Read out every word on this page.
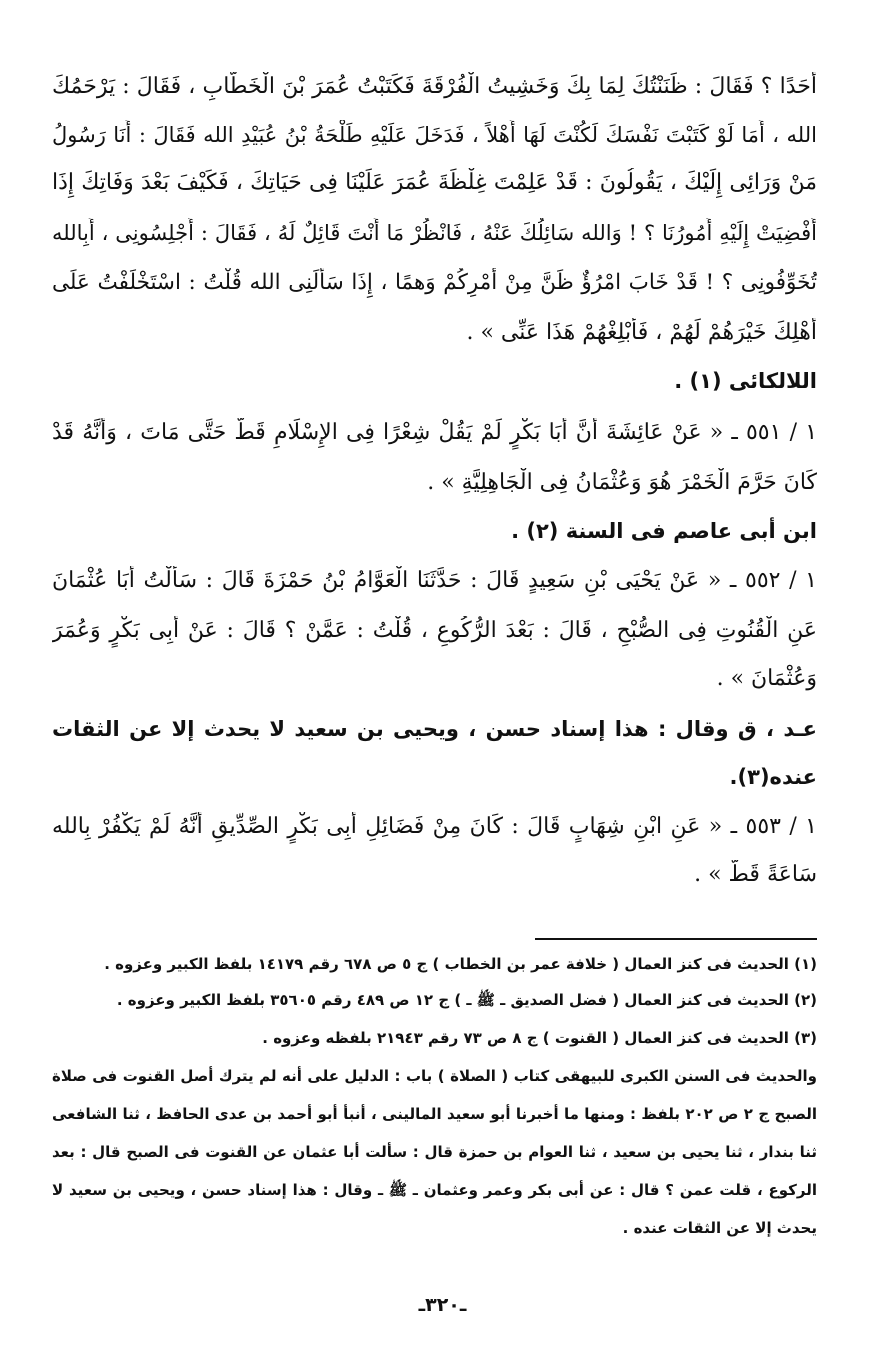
أَحَدًا ؟ فَقَالَ : ظَنَنْتُكَ لِمَا بِكَ وَخَشِيتُ الْفُرْقَةَ فَكَتَبْتُ عُمَرَ بْنَ الْخَطَّابِ ، فَقَالَ : يَرْحَمُكَ
الله ، أَمَا لَوْ كَتَبْتَ نَفْسَكَ لَكُنْتَ لَهَا أَهْلاً ، فَدَخَلَ عَلَيْهِ طَلْحَةُ بْنُ عُبَيْدِ الله فَقَالَ : أَنَا رَسُولُ
مَنْ وَرَائِى إِلَيْكَ ، يَقُولُونَ : قَدْ عَلِمْتَ غِلْظَةَ عُمَرَ عَلَيْنَا فِى حَيَاتِكَ ، فَكَيْفَ بَعْدَ وَفَاتِكَ إِذَا
أُفْضِيَتْ إِلَيْهِ أُمُورُنَا ؟ ! وَالله سَائِلُكَ عَنْهُ ، فَانْظُرْ مَا أَنْتَ قَائِلٌ لَهُ ، فَقَالَ : أَجْلِسُونِى ، أَبِالله
تُخَوِّفُونِى ؟ ! قَدْ خَابَ امْرُؤٌ ظَنَّ مِنْ أَمْرِكُمْ وَهمًا ، إِذَا سَأَلَنِى الله قُلْتُ : اسْتَخْلَفْتُ عَلَى
أَهْلِكَ خَيْرَهُمْ لَهُمْ ، فَأَبْلِغْهُمْ هَذَا عَنِّى » .
اللالكائى (١) .
١ / ٥٥١ ـ « عَنْ عَائِشَةَ أَنَّ أَبَا بَكْرٍ لَمْ يَقُلْ شِعْرًا فِى الإِسْلَامِ قَطُّ حَتَّى مَاتَ ، وَأَنَّهُ قَدْ
كَانَ حَرَّمَ الْخَمْرَ هُوَ وَعُثْمَانُ فِى الْجَاهِلِيَّةِ » .
ابن أبى عاصم فى السنة (٢) .
١ / ٥٥٢ ـ « عَنْ يَحْيَى بْنِ سَعِيدٍ قَالَ : حَدَّثَنَا الْعَوَّامُ بْنُ حَمْزَةَ قَالَ : سَأَلْتُ أَبَا عُثْمَانَ
عَنِ الْقُنُوتِ فِى الصُّبْحِ ، قَالَ : بَعْدَ الرُّكُوعِ ، قُلْتُ : عَمَّنْ ؟ قَالَ : عَنْ أَبِى بَكْرٍ وَعُمَرَ
وَعُثْمَانَ » .
عـد ، ق وقال : هذا إسناد حسن ، ويحيى بن سعيد لا يحدث إلا عن الثقات
عنده(٣).
١ / ٥٥٣ ـ « عَنِ ابْنِ شِهَابٍ قَالَ : كَانَ مِنْ فَضَائِلِ أَبِى بَكْرٍ الصِّدِّيقِ أَنَّهُ لَمْ يَكْفُرْ بِالله
سَاعَةً قَطُّ » .
(١) الحديث فى كنز العمال ( خلافة عمر بن الخطاب ) ج ٥ ص ٦٧٨ رقم ١٤١٧٩ بلفظ الكبير وعزوه .
(٢) الحديث فى كنز العمال ( فضل الصديق ـ ﷺ ـ ) ج ١٢ ص ٤٨٩ رقم ٣٥٦٠٥ بلفظ الكبير وعزوه .
(٣) الحديث فى كنز العمال ( القنوت ) ج ٨ ص ٧٣ رقم ٢١٩٤٣ بلفظه وعزوه .
والحديث فى السنن الكبرى للبيهقى كتاب ( الصلاة ) باب : الدليل على أنه لم يترك أصل القنوت فى صلاة
الصبح ج ٢ ص ٢٠٢ بلفظ : ومنها ما أخبرنا أبو سعيد المالينى ، أنبأ أبو أحمد بن عدى الحافظ ، ثنا الشافعى
ثنا بندار ، ثنا يحيى بن سعيد ، ثنا العوام بن حمزة قال : سألت أبا عثمان عن القنوت فى الصبح قال : بعد
الركوع ، قلت عمن ؟ قال : عن أبى بكر وعمر وعثمان ـ ﷺ ـ وقال : هذا إسناد حسن ، ويحيى بن سعيد لا
يحدث إلا عن الثقات عنده .
ـ٣٢٠ـ
